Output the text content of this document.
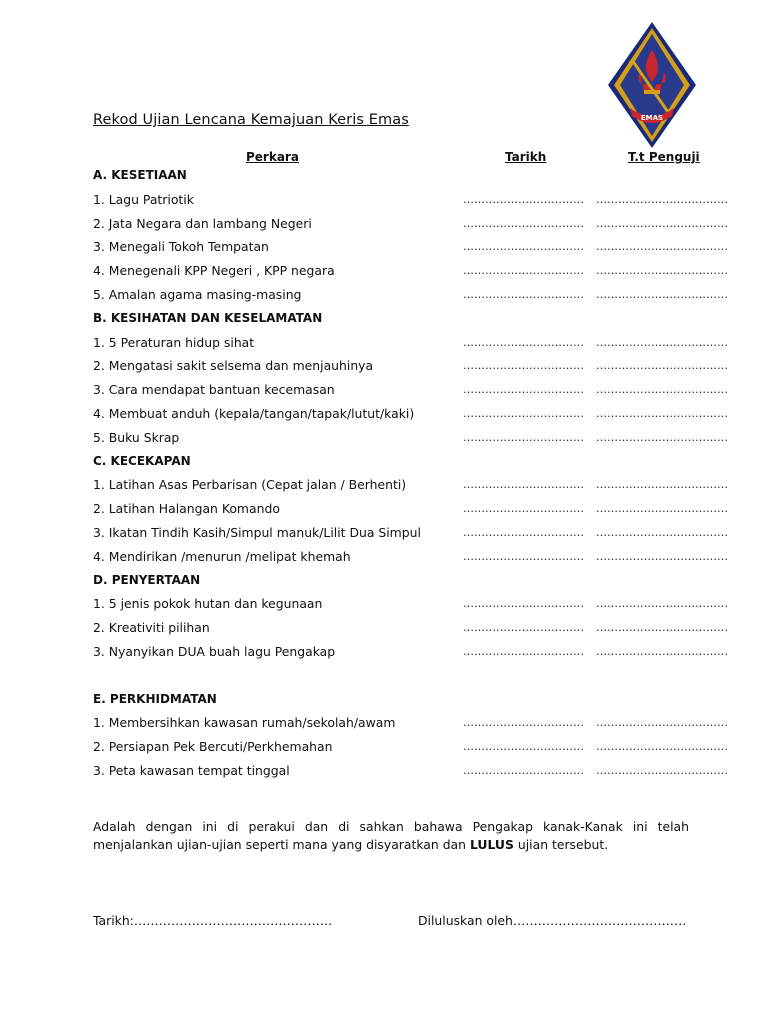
EMAS
Rekod Ujian Lencana Kemajuan Keris Emas
Perkara	Tarikh	T.t Penguji
A. KESETIAAN
1. Lagu Patriotik	…………………………… ………………………………
2. Jata Negara dan lambang Negeri	…………………………… ………………………………
3. Menegali Tokoh Tempatan	…………………………… ………………………………
4. Menegenali KPP Negeri , KPP negara	…………………………… ………………………………
5. Amalan agama masing-masing	…………………………… ………………………………
B. KESIHATAN DAN KESELAMATAN
1. 5 Peraturan hidup sihat	…………………………… ………………………………
2. Mengatasi sakit selsema dan menjauhinya	…………………………… ………………………………
3. Cara mendapat bantuan kecemasan	…………………………… ………………………………
4. Membuat anduh (kepala/tangan/tapak/lutut/kaki)	…………………………… ………………………………
5. Buku Skrap	…………………………… ………………………………
C. KECEKAPAN
1. Latihan Asas Perbarisan (Cepat jalan / Berhenti)	…………………………… ………………………………
2. Latihan Halangan Komando	…………………………… ………………………………
3. Ikatan Tindih Kasih/Simpul manuk/Lilit Dua Simpul	…………………………… ………………………………
4. Mendirikan /menurun /melipat khemah	…………………………… ………………………………
D. PENYERTAAN
1. 5 jenis pokok hutan dan kegunaan	…………………………… ………………………………
2. Kreativiti pilihan	…………………………… ………………………………
3. Nyanyikan DUA buah lagu Pengakap	…………………………… ………………………………
E. PERKHIDMATAN
1. Membersihkan kawasan rumah/sekolah/awam	…………………………… ………………………………
2. Persiapan Pek Bercuti/Perkhemahan	…………………………… ………………………………
3. Peta kawasan tempat tinggal	…………………………… ………………………………
Adalah dengan ini di perakui dan di sahkan bahawa Pengakap kanak-Kanak ini telah menjalankan ujian-ujian seperti mana yang disyaratkan dan LULUS ujian tersebut.
Tarikh:…………………………………………	Diluluskan oleh……………………………………
